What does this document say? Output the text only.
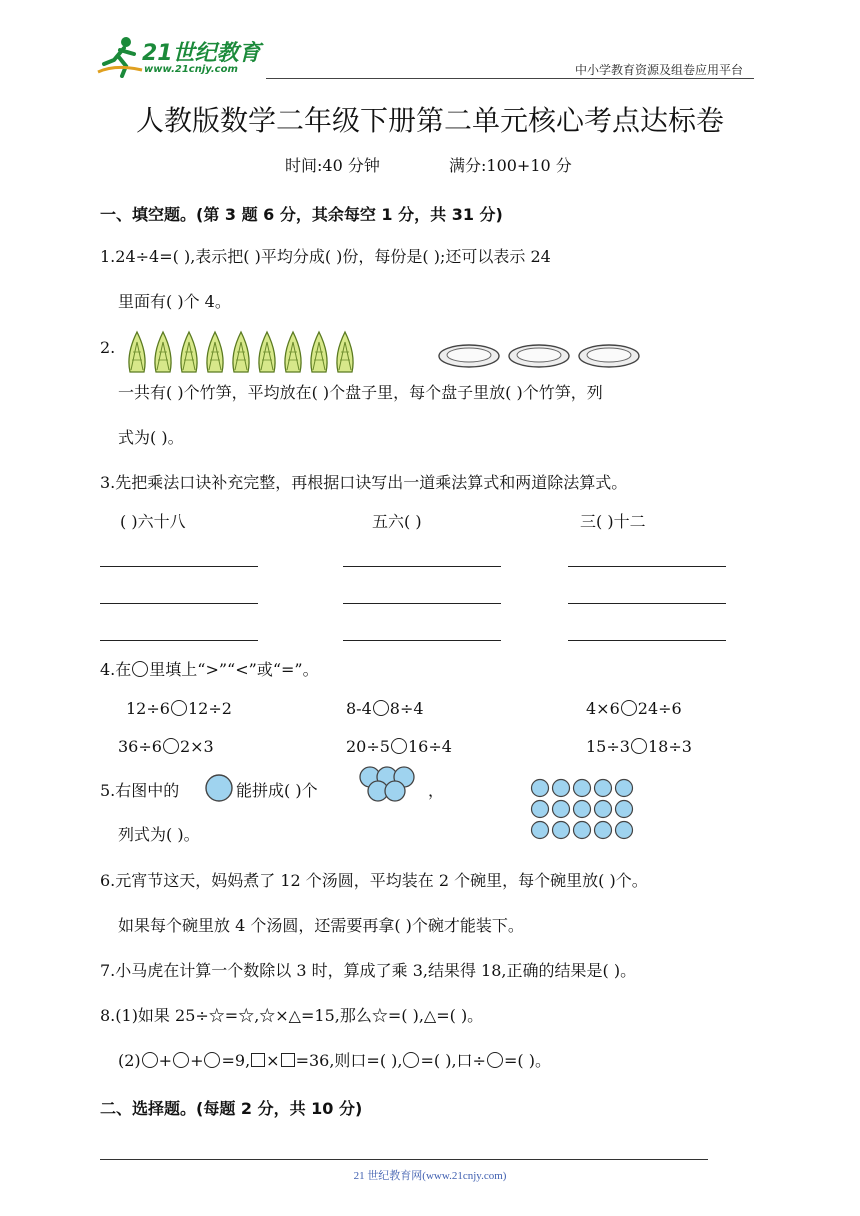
21世纪教育
www.21cnjy.com	中小学教育资源及组卷应用平台
人教版数学二年级下册第二单元核心考点达标卷
时间:40 分钟	满分:100+10 分
一、填空题。(第 3 题 6 分，其余每空 1 分，共 31 分)
1.24÷4=( ),表示把( )平均分成( )份，每份是( );还可以表示 24
里面有( )个 4。
2.
一共有( )个竹笋，平均放在( )个盘子里，每个盘子里放( )个竹笋，列
式为( )。
3.先把乘法口诀补充完整，再根据口诀写出一道乘法算式和两道除法算式。
( )六十八	五六( )	三( )十二
4.在 里填上“>”“<”或“=”。
12÷6 12÷2	8-4 8÷4	4×6 24÷6
36÷6 2×3	20÷5 16÷4	15÷3 18÷3
5.右图中的	能拼成( )个	，
列式为( )。
6.元宵节这天，妈妈煮了 12 个汤圆，平均装在 2 个碗里，每个碗里放( )个。
如果每个碗里放 4 个汤圆，还需要再拿( )个碗才能装下。
7.小马虎在计算一个数除以 3 时，算成了乘 3,结果得 18,正确的结果是( )。
8.(1)如果 25÷☆=☆,☆×△=15,那么☆=( ),△=( )。
(2) + + =9, × =36,则口=( ), =( ),口÷ =( )。
二、选择题。(每题 2 分，共 10 分)
21 世纪教育网(www.21cnjy.com)
